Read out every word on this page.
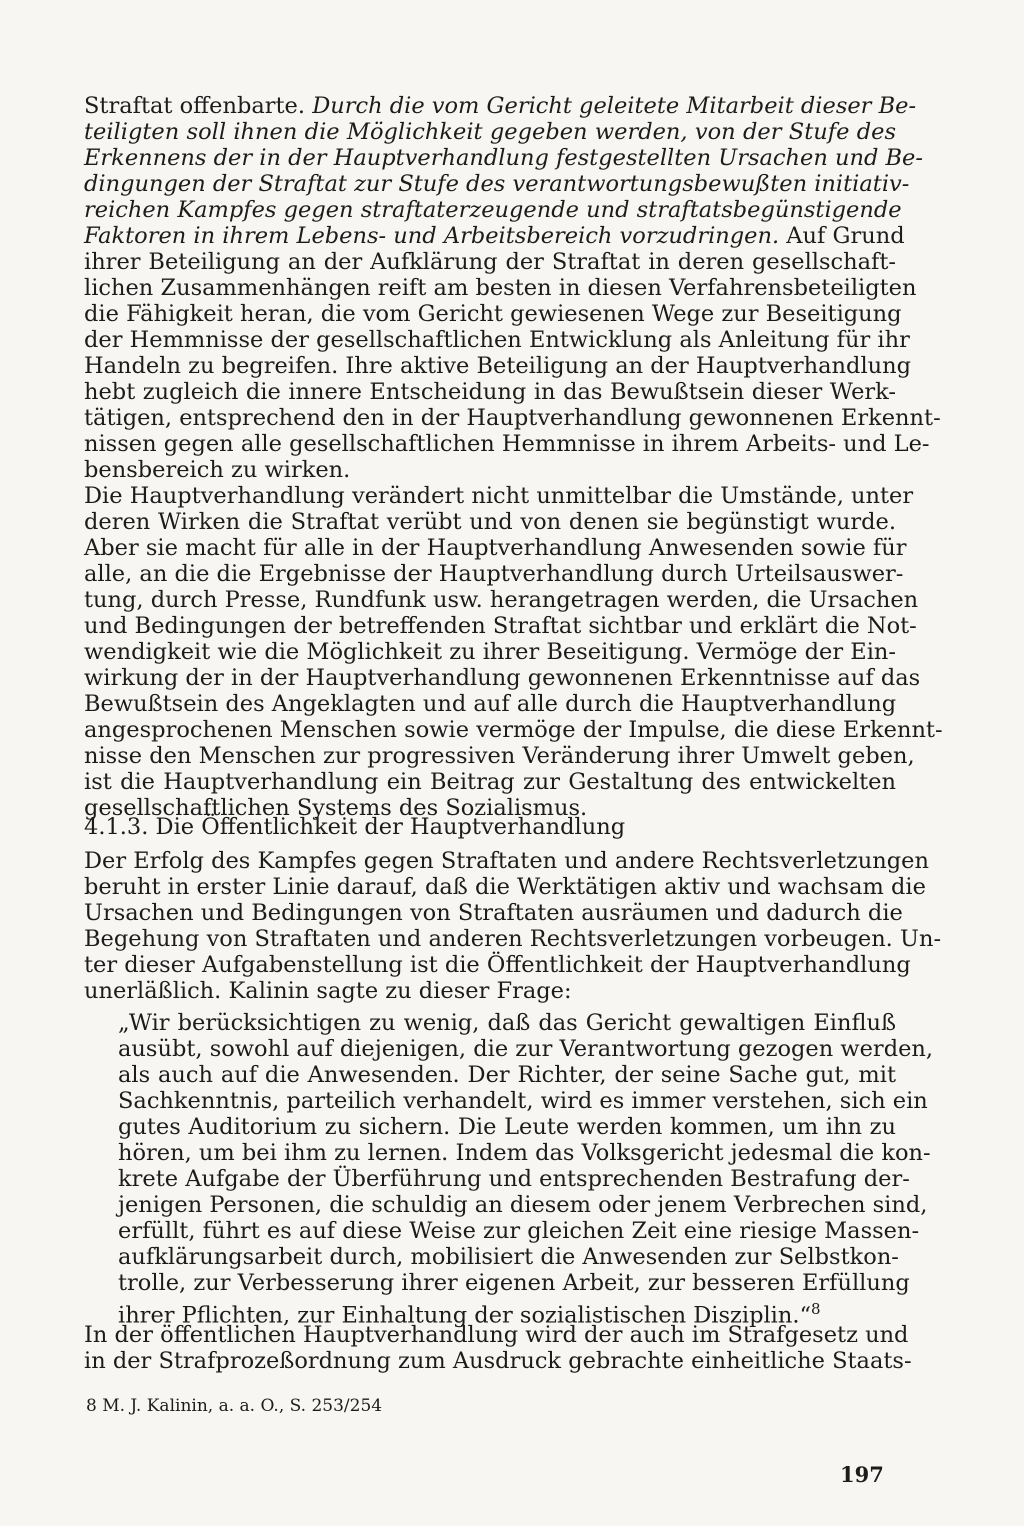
Straftat offenbarte. Durch die vom Gericht geleitete Mitarbeit dieser Be-
teiligten soll ihnen die Möglichkeit gegeben werden, von der Stufe des
Erkennens der in der Hauptverhandlung festgestellten Ursachen und Be-
dingungen der Straftat zur Stufe des verantwortungsbewußten initiativ-
reichen Kampfes gegen straftaterzeugende und straftatsbegünstigende
Faktoren in ihrem Lebens- und Arbeitsbereich vorzudringen. Auf Grund
ihrer Beteiligung an der Aufklärung der Straftat in deren gesellschaft-
lichen Zusammenhängen reift am besten in diesen Verfahrensbeteiligten
die Fähigkeit heran, die vom Gericht gewiesenen Wege zur Beseitigung
der Hemmnisse der gesellschaftlichen Entwicklung als Anleitung für ihr
Handeln zu begreifen. Ihre aktive Beteiligung an der Hauptverhandlung
hebt zugleich die innere Entscheidung in das Bewußtsein dieser Werk-
tätigen, entsprechend den in der Hauptverhandlung gewonnenen Erkennt-
nissen gegen alle gesellschaftlichen Hemmnisse in ihrem Arbeits- und Le-
bensbereich zu wirken.
Die Hauptverhandlung verändert nicht unmittelbar die Umstände, unter
deren Wirken die Straftat verübt und von denen sie begünstigt wurde.
Aber sie macht für alle in der Hauptverhandlung Anwesenden sowie für
alle, an die die Ergebnisse der Hauptverhandlung durch Urteilsauswer-
tung, durch Presse, Rundfunk usw. herangetragen werden, die Ursachen
und Bedingungen der betreffenden Straftat sichtbar und erklärt die Not-
wendigkeit wie die Möglichkeit zu ihrer Beseitigung. Vermöge der Ein-
wirkung der in der Hauptverhandlung gewonnenen Erkenntnisse auf das
Bewußtsein des Angeklagten und auf alle durch die Hauptverhandlung
angesprochenen Menschen sowie vermöge der Impulse, die diese Erkennt-
nisse den Menschen zur progressiven Veränderung ihrer Umwelt geben,
ist die Hauptverhandlung ein Beitrag zur Gestaltung des entwickelten
gesellschaftlichen Systems des Sozialismus.
4.1.3. Die Öffentlichkeit der Hauptverhandlung
Der Erfolg des Kampfes gegen Straftaten und andere Rechtsverletzungen
beruht in erster Linie darauf, daß die Werktätigen aktiv und wachsam die
Ursachen und Bedingungen von Straftaten ausräumen und dadurch die
Begehung von Straftaten und anderen Rechtsverletzungen vorbeugen. Un-
ter dieser Aufgabenstellung ist die Öffentlichkeit der Hauptverhandlung
unerläßlich. Kalinin sagte zu dieser Frage:
„Wir berücksichtigen zu wenig, daß das Gericht gewaltigen Einfluß
ausübt, sowohl auf diejenigen, die zur Verantwortung gezogen werden,
als auch auf die Anwesenden. Der Richter, der seine Sache gut, mit
Sachkenntnis, parteilich verhandelt, wird es immer verstehen, sich ein
gutes Auditorium zu sichern. Die Leute werden kommen, um ihn zu
hören, um bei ihm zu lernen. Indem das Volksgericht jedesmal die kon-
krete Aufgabe der Überführung und entsprechenden Bestrafung der-
jenigen Personen, die schuldig an diesem oder jenem Verbrechen sind,
erfüllt, führt es auf diese Weise zur gleichen Zeit eine riesige Massen-
aufklärungsarbeit durch, mobilisiert die Anwesenden zur Selbstkon-
trolle, zur Verbesserung ihrer eigenen Arbeit, zur besseren Erfüllung
ihrer Pflichten, zur Einhaltung der sozialistischen Disziplin.“$^8$
In der öffentlichen Hauptverhandlung wird der auch im Strafgesetz und
in der Strafprozeßordnung zum Ausdruck gebrachte einheitliche Staats-
8 M. J. Kalinin, a. a. O., S. 253/254
197
